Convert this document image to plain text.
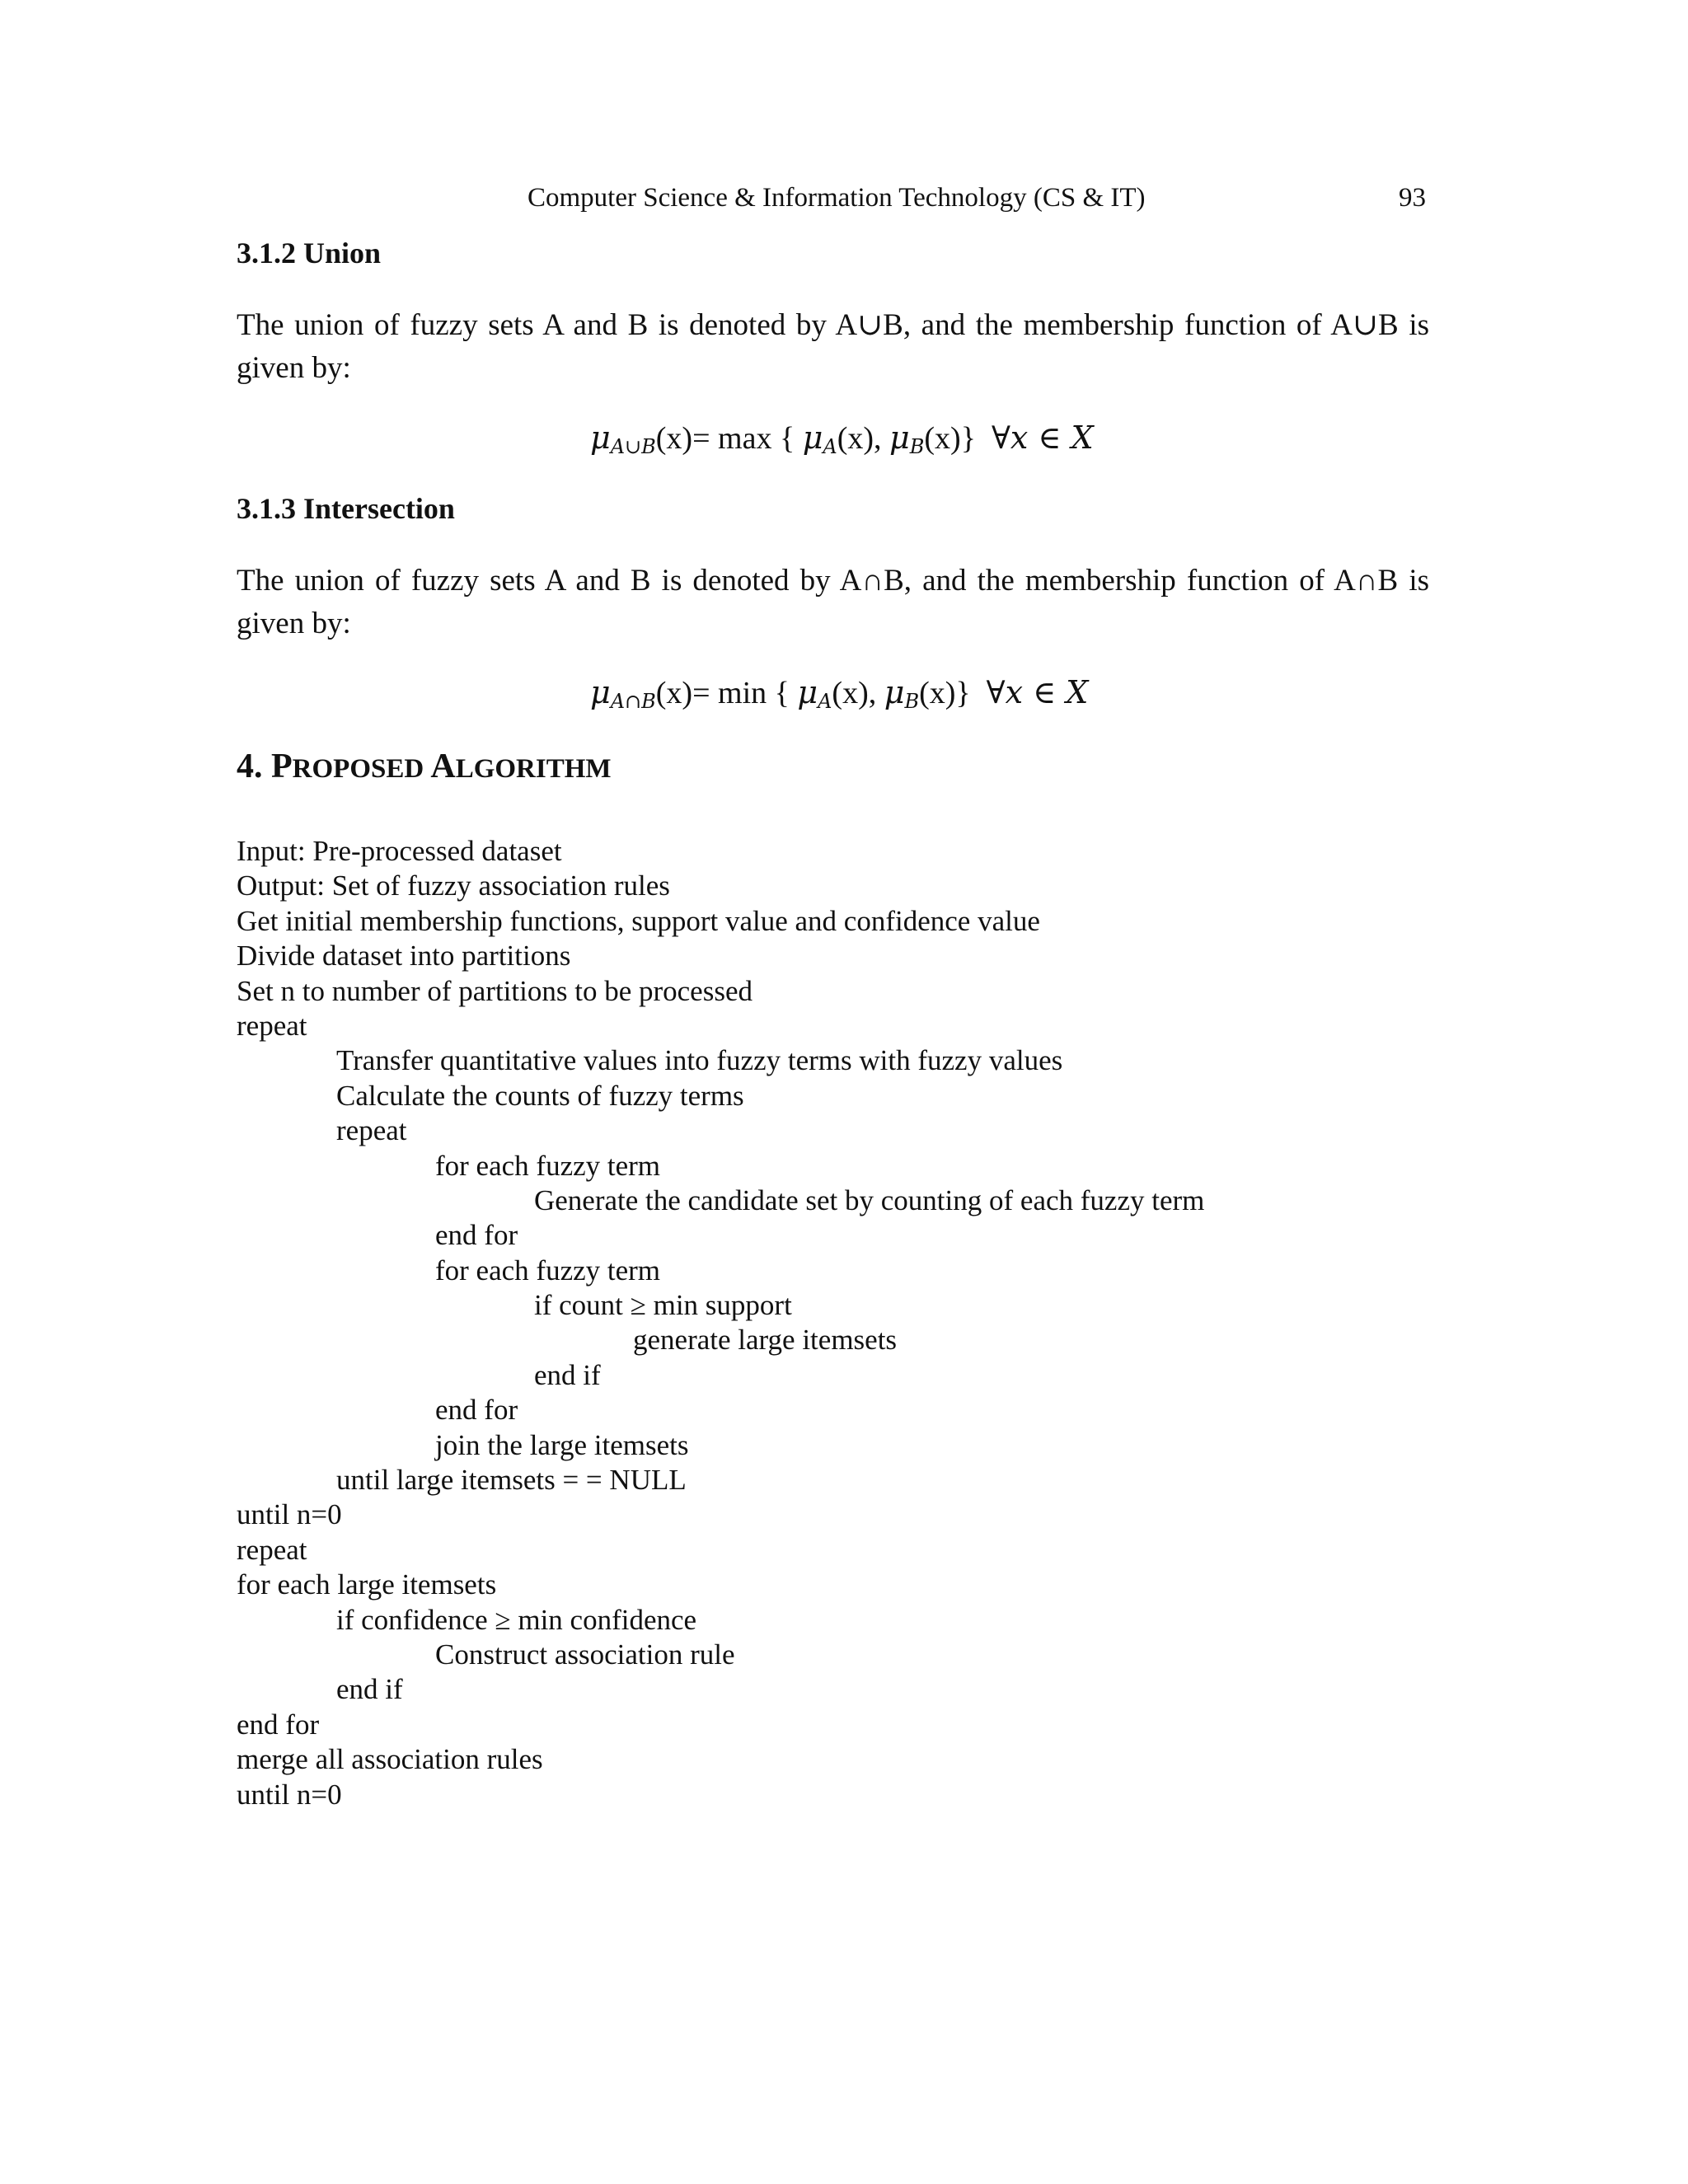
Computer Science & Information Technology (CS & IT)	93
3.1.2 Union
The union of fuzzy sets A and B is denoted by A∪B, and the membership function of A∪B is given by:
$\mu_{A\cup B}(x)= \max$ { $\mu_A(x)$, $\mu_B(x)$} ∀x ∈ X
3.1.3 Intersection
The union of fuzzy sets A and B is denoted by A∩B, and the membership function of A∩B is given by:
$\mu_{A\cap B}(x)= \min$ { $\mu_A(x)$, $\mu_B(x)$} ∀x ∈ X
4. PROPOSED ALGORITHM
Input: Pre-processed dataset
Output: Set of fuzzy association rules
Get initial membership functions, support value and confidence value
Divide dataset into partitions
Set n to number of partitions to be processed
repeat
Transfer quantitative values into fuzzy terms with fuzzy values
Calculate the counts of fuzzy terms
repeat
for each fuzzy term
Generate the candidate set by counting of each fuzzy term
end for
for each fuzzy term
if count ≥ min support
generate large itemsets
end if
end for
join the large itemsets
until large itemsets = = NULL
until n=0
repeat
for each large itemsets
if confidence ≥ min confidence
Construct association rule
end if
end for
merge all association rules
until n=0
